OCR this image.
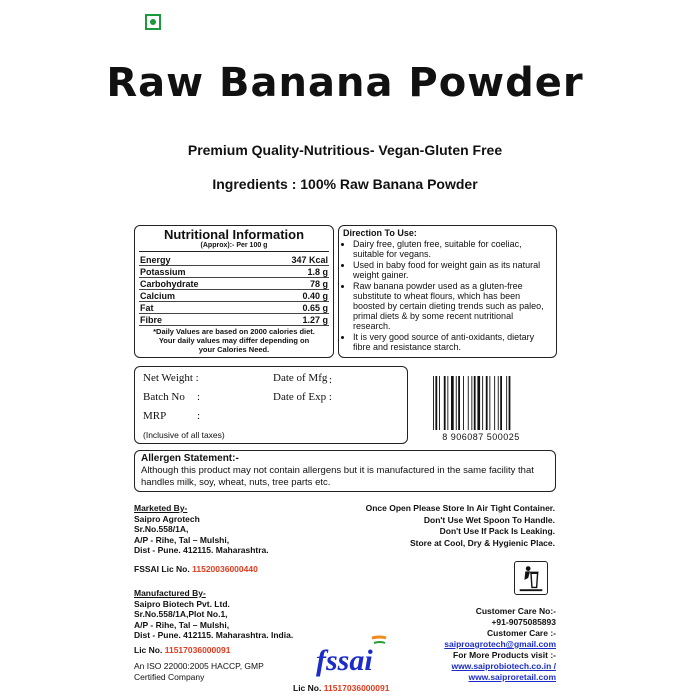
Raw Banana Powder
Premium Quality-Nutritious- Vegan-Gluten Free
Ingredients : 100% Raw Banana Powder
Nutritional Information
(Approx):- Per 100 g
Energy	347 Kcal
Potassium	1.8 g
Carbohydrate	78 g
Calcium	0.40 g
Fat	0.65 g
Fibre	1.27 g
*Daily Values are based on 2000 calories diet.
Your daily values may differ depending on
your Calories Need.
Direction To Use:
• Dairy free, gluten free, suitable for coeliac, suitable for vegans.
• Used in baby food for weight gain as its natural weight gainer.
• Raw banana powder used as a gluten-free substitute to wheat flours, which has been boosted by certain dieting trends such as paleo, primal diets & by some recent nutritional research.
• It is very good source of anti-oxidants, dietary fibre and resistance starch.
Net Weight :
Batch No :
MRP	:
(Inclusive of all taxes)
Date of Mfg :
Date of Exp :
8 906087 500025
Allergen Statement:-
Although this product may not contain allergens but it is manufactured in the same facility that handles milk, soy, wheat, nuts, tree parts etc.
Marketed By-
Saipro Agrotech
Sr.No.558/1A,
A/P - Rihe, Tal – Mulshi,
Dist - Pune. 412115. Maharashtra.
FSSAI Lic No. 11520036000440
Once Open Please Store In Air Tight Container.
Don't Use Wet Spoon To Handle.
Don't Use If Pack Is Leaking.
Store at Cool, Dry & Hygienic Place.
Manufactured By-
Saipro Biotech Pvt. Ltd.
Sr.No.558/1A,Plot No.1,
A/P - Rihe, Tal – Mulshi,
Dist - Pune. 412115. Maharashtra. India.
Lic No. 11517036000091
An ISO 22000:2005 HACCP, GMP
Certified Company	fssai
Lic No. 11517036000091
Customer Care No:-
+91-9075085893
Customer Care :-
saiproagrotech@gmail.com
For More Products visit :-
www.saiprobiotech.co.in /
www.saiproretail.com
